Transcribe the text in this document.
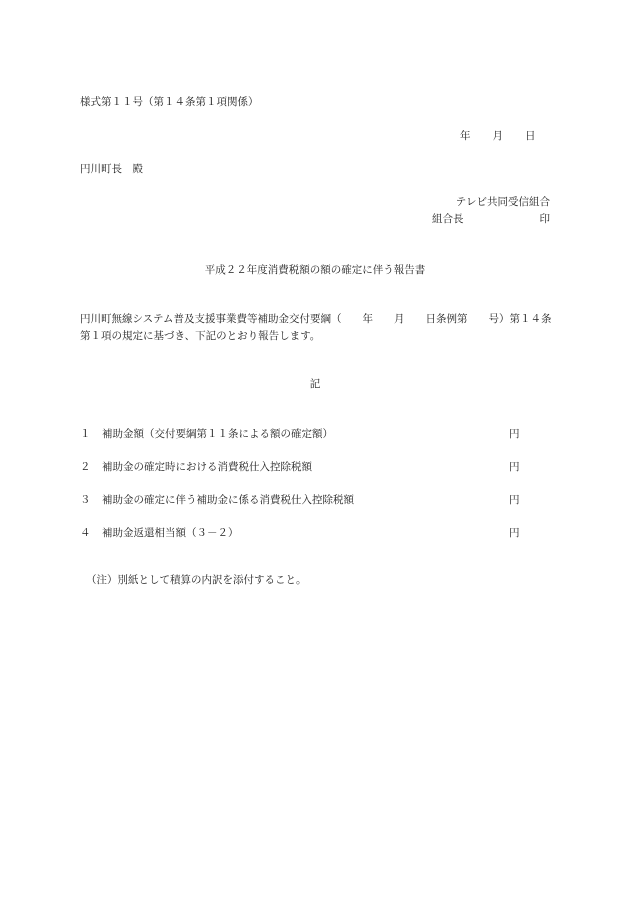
様式第１１号（第１４条第１項関係）
年 月 日
円川町長　殿
テレビ共同受信組合
組合長	印
平成２２年度消費税額の額の確定に伴う報告書
円川町無線システム普及支援事業費等補助金交付要綱（　　年　　月　　日条例第　　号）第１４条
第１項の規定に基づき、下記のとおり報告します。
記
１ 補助金額（交付要綱第１１条による額の確定額）	円
２ 補助金の確定時における消費税仕入控除税額	円
３ 補助金の確定に伴う補助金に係る消費税仕入控除税額	円
４ 補助金返還相当額（３－２）	円
（注）別紙として積算の内訳を添付すること。
